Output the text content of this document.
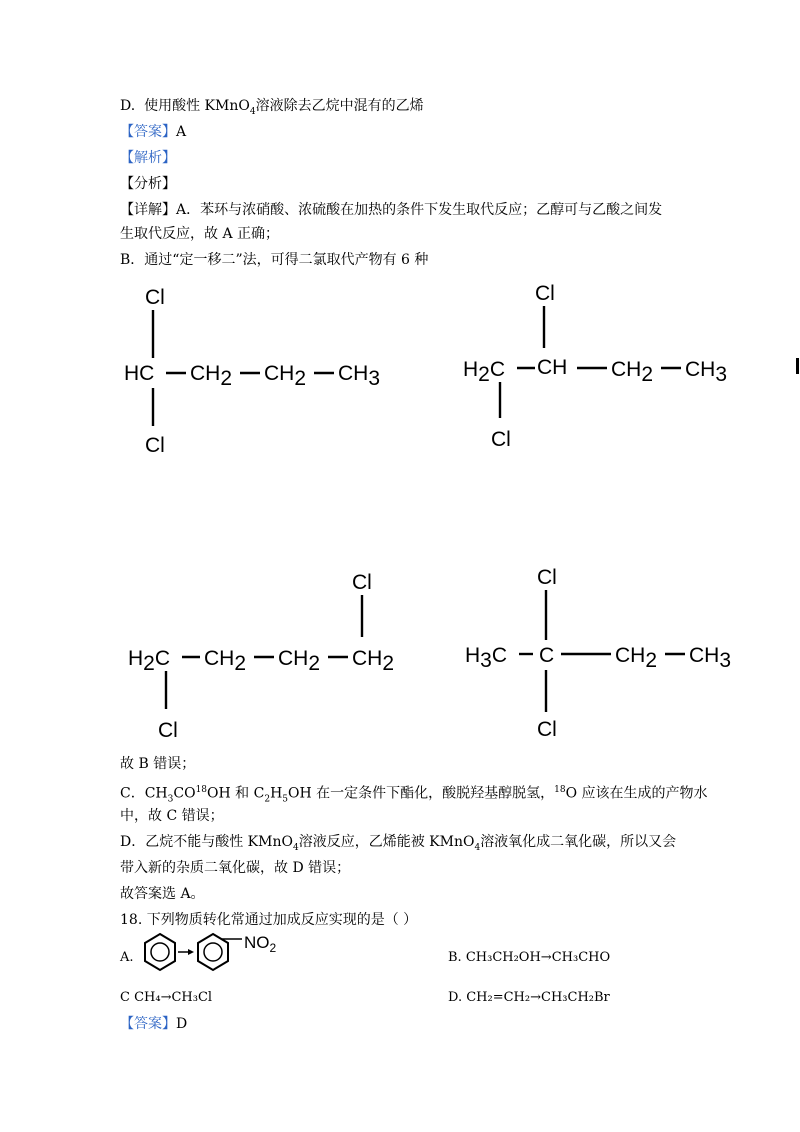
D. 使用酸性 KMnO$_4$溶液除去乙烷中混有的乙烯
【答案】A
【解析】
【分析】
【详解】A．苯环与浓硝酸、浓硫酸在加热的条件下发生取代反应；乙醇可与乙酸之间发
生取代反应，故 A 正确；
B．通过“定一移二”法，可得二氯取代产物有 6 种
Cl
HC CH2 CH2 CH3
Cl
Cl
H2C CH CH2 CH3
Cl
Cl
H2C CH2 CH2 CH2
Cl
Cl
H3C C	CH2 CH3
Cl
故 B 错误；
C．$CH_3CO^{18}OH$ 和 $C_2H_5OH$ 在一定条件下酯化，酸脱羟基醇脱氢，$^{18}$O 应该在生成的产物水
中，故 C 错误；
D．乙烷不能与酸性 KMnO$_4$溶液反应，乙烯能被 KMnO$_4$溶液氧化成二氧化碳，所以又会
带入新的杂质二氧化碳，故 D 错误；
故答案选 A。
18. 下列物质转化常通过加成反应实现的是（ ）
A.
$NO_2$
B. CH₃CH₂OH→CH₃CHO
C CH₄→CH₃Cl	D. CH₂=CH₂→CH₃CH₂Br
【答案】D
